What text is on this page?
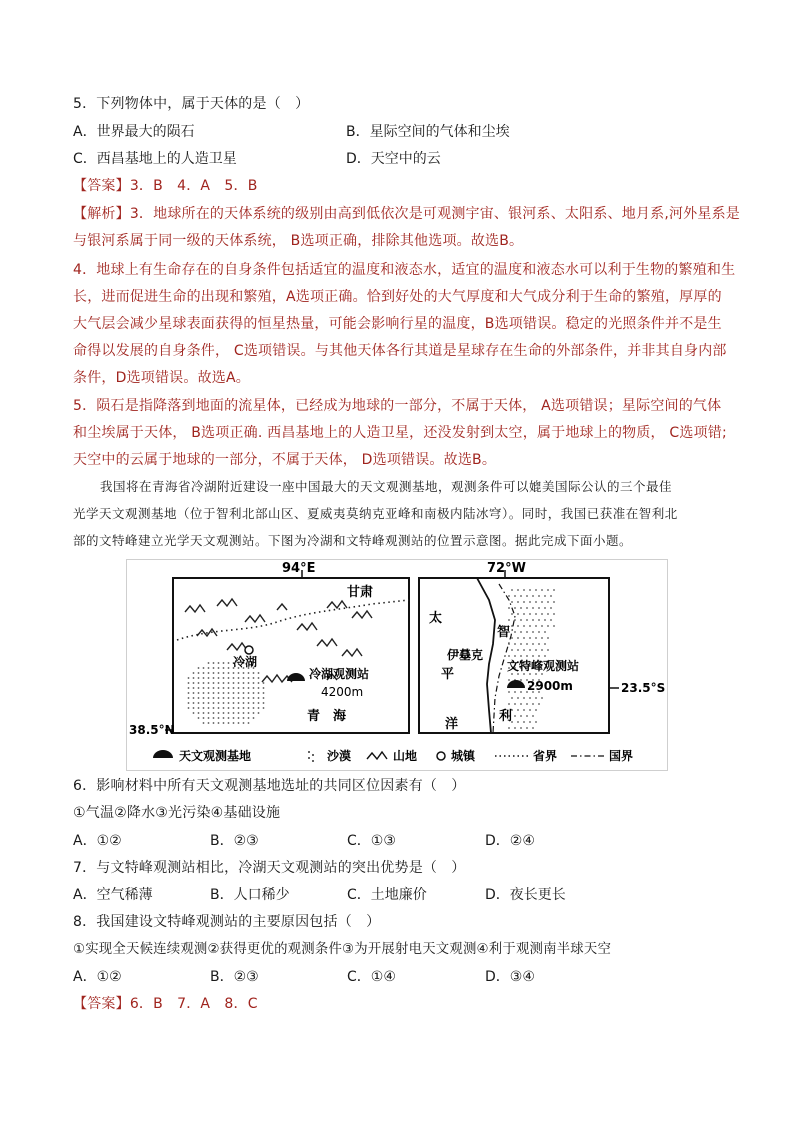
5．下列物体中，属于天体的是（　）
A．世界最大的陨石	B．星际空间的气体和尘埃
C．西昌基地上的人造卫星	D．天空中的云
【答案】3．B　4．A　5．B
【解析】3．地球所在的天体系统的级别由高到低依次是可观测宇宙、银河系、太阳系、地月系,河外星系是
与银河系属于同一级的天体系统， B选项正确，排除其他选项。故选B。
4．地球上有生命存在的自身条件包括适宜的温度和液态水，适宜的温度和液态水可以利于生物的繁殖和生
长，进而促进生命的出现和繁殖，A选项正确。恰到好处的大气厚度和大气成分利于生命的繁殖，厚厚的
大气层会减少星球表面获得的恒星热量，可能会影响行星的温度，B选项错误。稳定的光照条件并不是生
命得以发展的自身条件， C选项错误。与其他天体各行其道是星球存在生命的外部条件，并非其自身内部
条件，D选项错误。故选A。
5．陨石是指降落到地面的流星体，已经成为地球的一部分，不属于天体， A选项错误；星际空间的气体
和尘埃属于天体， B选项正确. 西昌基地上的人造卫星，还没发射到太空，属于地球上的物质， C选项错;
天空中的云属于地球的一部分，不属于天体， D选项错误。故选B。
我国将在青海省冷湖附近建设一座中国最大的天文观测基地，观测条件可以媲美国际公认的三个最佳
光学天文观测基地（位于智利北部山区、夏威夷莫纳克亚峰和南极内陆冰穹）。同时，我国已获准在智利北
部的文特峰建立光学天文观测站。下图为冷湖和文特峰观测站的位置示意图。据此完成下面小题。
94°E
38.5°N
甘肃
青　海
冷湖
冷湖观测站
4200m
72°W
23.5°S
太
平
洋
智
利
伊基克
文特峰观测站
2900m
天文观测基地	沙漠	山地	城镇	省界	国界
6．影响材料中所有天文观测基地选址的共同区位因素有（　）
①气温②降水③光污染④基础设施
A．①②	B．②③	C．①③	D．②④
7．与文特峰观测站相比，冷湖天文观测站的突出优势是（　）
A．空气稀薄	B．人口稀少	C．土地廉价	D．夜长更长
8．我国建设文特峰观测站的主要原因包括（　）
①实现全天候连续观测②获得更优的观测条件③为开展射电天文观测④利于观测南半球天空
A．①②	B．②③	C．①④	D．③④
【答案】6．B　7．A　8．C
